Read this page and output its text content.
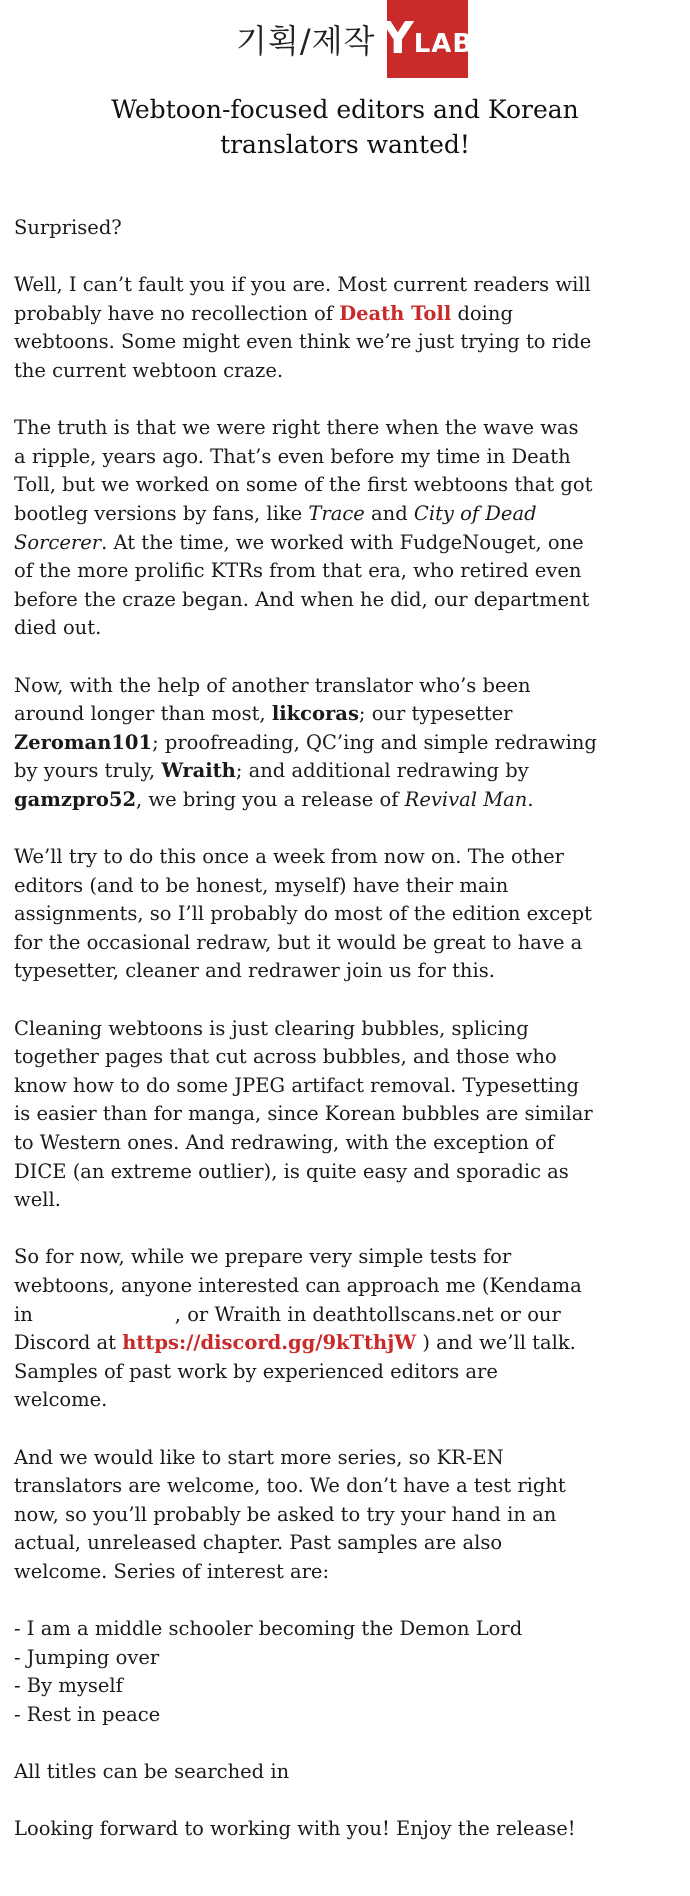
기획/제작 Y LAB
Webtoon-focused editors and Korean
translators wanted!

Surprised?

Well, I can’t fault you if you are. Most current readers will
probably have no recollection of Death Toll doing
webtoons. Some might even think we’re just trying to ride
the current webtoon craze.

The truth is that we were right there when the wave was
a ripple, years ago. That’s even before my time in Death
Toll, but we worked on some of the first webtoons that got
bootleg versions by fans, like Trace and City of Dead
Sorcerer. At the time, we worked with FudgeNouget, one
of the more prolific KTRs from that era, who retired even
before the craze began. And when he did, our department
died out.

Now, with the help of another translator who’s been
around longer than most, likcoras; our typesetter
Zeroman101; proofreading, QC’ing and simple redrawing
by yours truly, Wraith; and additional redrawing by
gamzpro52, we bring you a release of Revival Man.

We’ll try to do this once a week from now on. The other
editors (and to be honest, myself) have their main
assignments, so I’ll probably do most of the edition except
for the occasional redraw, but it would be great to have a
typesetter, cleaner and redrawer join us for this.

Cleaning webtoons is just clearing bubbles, splicing
together pages that cut across bubbles, and those who
know how to do some JPEG artifact removal. Typesetting
is easier than for manga, since Korean bubbles are similar
to Western ones. And redrawing, with the exception of
DICE (an extreme outlier), is quite easy and sporadic as
well.

So for now, while we prepare very simple tests for
webtoons, anyone interested can approach me (Kendama
in	, or Wraith in deathtollscans.net or our
Discord at https://discord.gg/9kTthjW ) and we’ll talk.
Samples of past work by experienced editors are
welcome.

And we would like to start more series, so KR-EN
translators are welcome, too. We don’t have a test right
now, so you’ll probably be asked to try your hand in an
actual, unreleased chapter. Past samples are also
welcome. Series of interest are:

- I am a middle schooler becoming the Demon Lord
- Jumping over
- By myself
- Rest in peace

All titles can be searched in

Looking forward to working with you! Enjoy the release!
